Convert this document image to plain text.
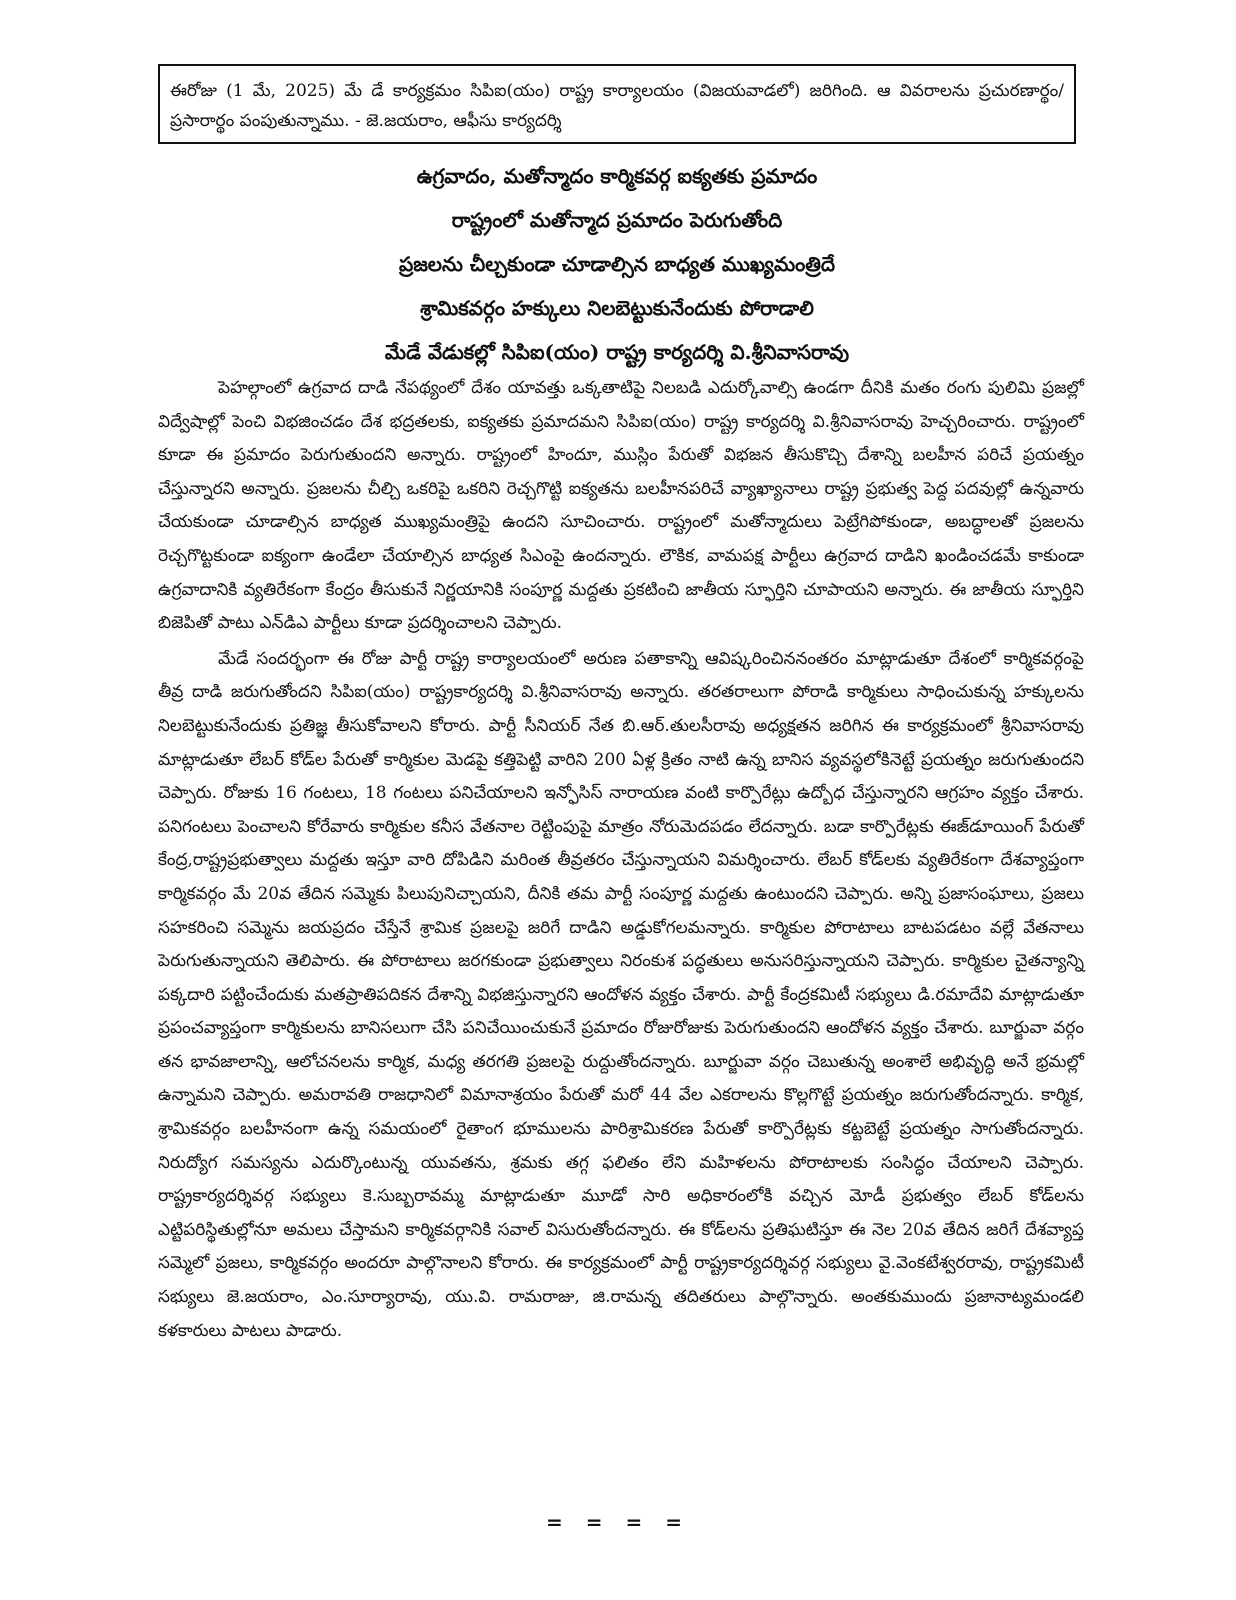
ఈరోజు (1 మే, 2025) మే డే కార్యక్రమం సిపిఐ(యం) రాష్ట్ర కార్యాలయం (విజయవాడలో) జరిగింది. ఆ వివరాలను ప్రచురణార్థం/ ప్రసారార్థం పంపుతున్నాము. - జె.జయరాం, ఆఫీసు కార్యదర్శి

ఉగ్రవాదం, మతోన్మాదం కార్మికవర్గ ఐక్యతకు ప్రమాదం

రాష్ట్రంలో మతోన్మాద ప్రమాదం పెరుగుతోంది

ప్రజలను చీల్చకుండా చూడాల్సిన బాధ్యత ముఖ్యమంత్రిదే

శ్రామికవర్గం హక్కులు నిలబెట్టుకునేందుకు పోరాడాలి

మేడే వేడుకల్లో సిపిఐ(యం) రాష్ట్ర కార్యదర్శి వి.శ్రీనివాసరావు

పెహల్గాంలో ఉగ్రవాద దాడి నేపథ్యంలో దేశం యావత్తు ఒక్కతాటిపై నిలబడి ఎదుర్కోవాల్సి ఉండగా దీనికి మతం రంగు పులిమి ప్రజల్లో విద్వేషాల్లో పెంచి విభజించడం దేశ భద్రతలకు, ఐక్యతకు ప్రమాదమని సిపిఐ(యం) రాష్ట్ర కార్యదర్శి వి.శ్రీనివాసరావు హెచ్చరించారు. రాష్ట్రంలో కూడా ఈ ప్రమాదం పెరుగుతుందని అన్నారు. రాష్ట్రంలో హిందూ, ముస్లిం పేరుతో విభజన తీసుకొచ్చి దేశాన్ని బలహీన పరిచే ప్రయత్నం చేస్తున్నారని అన్నారు. ప్రజలను చీల్చి ఒకరిపై ఒకరిని రెచ్చగొట్టి ఐక్యతను బలహీనపరిచే వ్యాఖ్యానాలు రాష్ట్ర ప్రభుత్వ పెద్ద పదవుల్లో ఉన్నవారు చేయకుండా చూడాల్సిన బాధ్యత ముఖ్యమంత్రిపై ఉందని సూచించారు. రాష్ట్రంలో మతోన్మాదులు పెట్రేగిపోకుండా, అబద్ధాలతో ప్రజలను రెచ్చగొట్టకుండా ఐక్యంగా ఉండేలా చేయాల్సిన బాధ్యత సిఎంపై ఉందన్నారు. లౌకిక, వామపక్ష పార్టీలు ఉగ్రవాద దాడిని ఖండించడమే కాకుండా ఉగ్రవాదానికి వ్యతిరేకంగా కేంద్రం తీసుకునే నిర్ణయానికి సంపూర్ణ మద్దతు ప్రకటించి జాతీయ స్ఫూర్తిని చూపాయని అన్నారు. ఈ జాతీయ స్ఫూర్తిని బిజెపితో పాటు ఎన్‌డిఎ పార్టీలు కూడా ప్రదర్శించాలని చెప్పారు.

మేడే సందర్భంగా ఈ రోజు పార్టీ రాష్ట్ర కార్యాలయంలో అరుణ పతాకాన్ని ఆవిష్కరించిననంతరం మాట్లాడుతూ దేశంలో కార్మికవర్గంపై తీవ్ర దాడి జరుగుతోందని సిపిఐ(యం) రాష్ట్రకార్యదర్శి వి.శ్రీనివాసరావు అన్నారు. తరతరాలుగా పోరాడి కార్మికులు సాధించుకున్న హక్కులను నిలబెట్టుకునేందుకు ప్రతిజ్ఞ తీసుకోవాలని కోరారు. పార్టీ సీనియర్ నేత బి.ఆర్.తులసీరావు అధ్యక్షతన జరిగిన ఈ కార్యక్రమంలో శ్రీనివాసరావు మాట్లాడుతూ లేబర్ కోడ్‌ల పేరుతో కార్మికుల మెడపై కత్తిపెట్టి వారిని 200 ఏళ్ల క్రితం నాటి ఉన్న బానిస వ్యవస్థలోకినెట్టే ప్రయత్నం జరుగుతుందని చెప్పారు. రోజుకు 16 గంటలు, 18 గంటలు పనిచేయాలని ఇన్ఫోసిస్ నారాయణ వంటి కార్పొరేట్లు ఉద్బోధ చేస్తున్నారని ఆగ్రహం వ్యక్తం చేశారు. పనిగంటలు పెంచాలని కోరేవారు కార్మికుల కనీస వేతనాల రెట్టింపుపై మాత్రం నోరుమెదపడం లేదన్నారు. బడా కార్పొరేట్లకు ఈజ్‌డూయింగ్ పేరుతో కేంద్ర,రాష్ట్రప్రభుత్వాలు మద్దతు ఇస్తూ వారి దోపిడిని మరింత తీవ్రతరం చేస్తున్నాయని విమర్శించారు. లేబర్ కోడ్‌లకు వ్యతిరేకంగా దేశవ్యాప్తంగా కార్మికవర్గం మే 20వ తేదిన సమ్మెకు పిలుపునిచ్చాయని, దీనికి తమ పార్టీ సంపూర్ణ మద్దతు ఉంటుందని చెప్పారు. అన్ని ప్రజాసంఘాలు, ప్రజలు సహకరించి సమ్మెను జయప్రదం చేస్తేనే శ్రామిక ప్రజలపై జరిగే దాడిని అడ్డుకోగలమన్నారు. కార్మికుల పోరాటాలు బాటపడటం వల్లే వేతనాలు పెరుగుతున్నాయని తెలిపారు. ఈ పోరాటాలు జరగకుండా ప్రభుత్వాలు నిరంకుశ పద్ధతులు అనుసరిస్తున్నాయని చెప్పారు. కార్మికుల చైతన్యాన్ని పక్కదారి పట్టించేందుకు మతప్రాతిపదికన దేశాన్ని విభజిస్తున్నారని ఆందోళన వ్యక్తం చేశారు. పార్టీ కేంద్రకమిటీ సభ్యులు డి.రమాదేవి మాట్లాడుతూ ప్రపంచవ్యాప్తంగా కార్మికులను బానిసలుగా చేసి పనిచేయించుకునే ప్రమాదం రోజురోజుకు పెరుగుతుందని ఆందోళన వ్యక్తం చేశారు. బూర్జువా వర్గం తన భావజాలాన్ని, ఆలోచనలను కార్మిక, మధ్య తరగతి ప్రజలపై రుద్దుతోందన్నారు. బూర్జువా వర్గం చెబుతున్న అంశాలే అభివృద్ధి అనే భ్రమల్లో ఉన్నామని చెప్పారు. అమరావతి రాజధానిలో విమానాశ్రయం పేరుతో మరో 44 వేల ఎకరాలను కొల్లగొట్టే ప్రయత్నం జరుగుతోందన్నారు. కార్మిక, శ్రామికవర్గం బలహీనంగా ఉన్న సమయంలో రైతాంగ భూములను పారిశ్రామికరణ పేరుతో కార్పొరేట్లకు కట్టబెట్టే ప్రయత్నం సాగుతోందన్నారు. నిరుద్యోగ సమస్యను ఎదుర్కొంటున్న యువతను, శ్రమకు తగ్గ ఫలితం లేని మహిళలను పోరాటాలకు సంసిద్ధం చేయాలని చెప్పారు. రాష్ట్రకార్యదర్శివర్గ సభ్యులు కె.సుబ్బరావమ్మ మాట్లాడుతూ మూడో సారి అధికారంలోకి వచ్చిన మోడీ ప్రభుత్వం లేబర్ కోడ్‌లను ఎట్టిపరిస్థితుల్లోనూ అమలు చేస్తామని కార్మికవర్గానికి సవాల్ విసురుతోందన్నారు. ఈ కోడ్‌లను ప్రతిఘటిస్తూ ఈ నెల 20వ తేదిన జరిగే దేశవ్యాప్త సమ్మెలో ప్రజలు, కార్మికవర్గం అందరూ పాల్గొనాలని కోరారు. ఈ కార్యక్రమంలో పార్టీ రాష్ట్రకార్యదర్శివర్గ సభ్యులు వై.వెంకటేశ్వరరావు, రాష్ట్రకమిటీ సభ్యులు జె.జయరాం, ఎం.సూర్యారావు, యు.వి. రామరాజు, జి.రామన్న తదితరులు పాల్గొన్నారు. అంతకుముందు ప్రజానాట్యమండలి కళకారులు పాటలు పాడారు.

= = = =
